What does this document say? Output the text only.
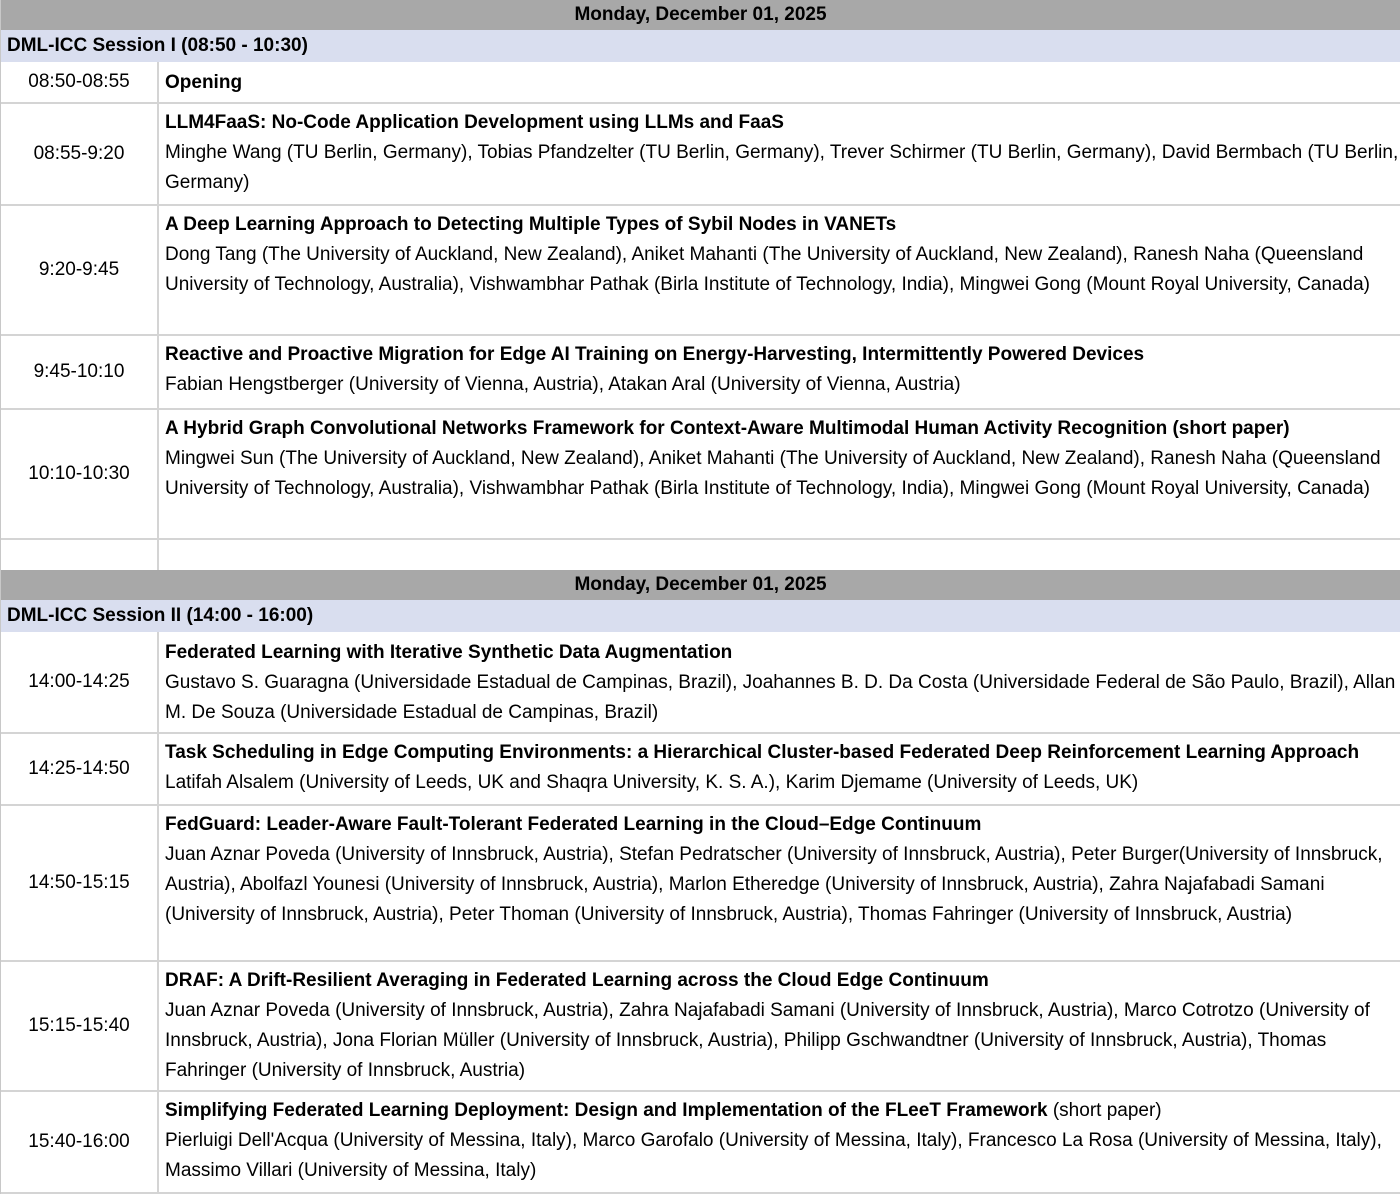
Monday, December 01, 2025
DML-ICC Session I (08:50 - 10:30)
08:50-08:55	Opening
08:55-9:20
LLM4FaaS: No-Code Application Development using LLMs and FaaS
Minghe Wang (TU Berlin, Germany), Tobias Pfandzelter (TU Berlin, Germany), Trever Schirmer (TU Berlin, Germany), David Bermbach (TU Berlin, Germany)
9:20-9:45
A Deep Learning Approach to Detecting Multiple Types of Sybil Nodes in VANETs
Dong Tang (The University of Auckland, New Zealand), Aniket Mahanti (The University of Auckland, New Zealand), Ranesh Naha (Queensland University of Technology, Australia), Vishwambhar Pathak (Birla Institute of Technology, India), Mingwei Gong (Mount Royal University, Canada)
9:45-10:10
Reactive and Proactive Migration for Edge AI Training on Energy-Harvesting, Intermittently Powered Devices
Fabian Hengstberger (University of Vienna, Austria), Atakan Aral (University of Vienna, Austria)
10:10-10:30
A Hybrid Graph Convolutional Networks Framework for Context-Aware Multimodal Human Activity Recognition (short paper)
Mingwei Sun (The University of Auckland, New Zealand), Aniket Mahanti (The University of Auckland, New Zealand), Ranesh Naha (Queensland University of Technology, Australia), Vishwambhar Pathak (Birla Institute of Technology, India), Mingwei Gong (Mount Royal University, Canada)
Monday, December 01, 2025
DML-ICC Session II (14:00 - 16:00)
14:00-14:25
Federated Learning with Iterative Synthetic Data Augmentation
Gustavo S. Guaragna (Universidade Estadual de Campinas, Brazil), Joahannes B. D. Da Costa (Universidade Federal de São Paulo, Brazil), Allan M. De Souza (Universidade Estadual de Campinas, Brazil)
14:25-14:50
Task Scheduling in Edge Computing Environments: a Hierarchical Cluster-based Federated Deep Reinforcement Learning Approach
Latifah Alsalem (University of Leeds, UK and Shaqra University, K. S. A.), Karim Djemame (University of Leeds, UK)
14:50-15:15
FedGuard: Leader-Aware Fault-Tolerant Federated Learning in the Cloud–Edge Continuum
Juan Aznar Poveda (University of Innsbruck, Austria), Stefan Pedratscher (University of Innsbruck, Austria), Peter Burger(University of Innsbruck, Austria), Abolfazl Younesi (University of Innsbruck, Austria), Marlon Etheredge (University of Innsbruck, Austria), Zahra Najafabadi Samani (University of Innsbruck, Austria), Peter Thoman (University of Innsbruck, Austria), Thomas Fahringer (University of Innsbruck, Austria)
15:15-15:40
DRAF: A Drift-Resilient Averaging in Federated Learning across the Cloud Edge Continuum
Juan Aznar Poveda (University of Innsbruck, Austria), Zahra Najafabadi Samani (University of Innsbruck, Austria), Marco Cotrotzo (University of Innsbruck, Austria), Jona Florian Müller (University of Innsbruck, Austria), Philipp Gschwandtner (University of Innsbruck, Austria), Thomas Fahringer (University of Innsbruck, Austria)
15:40-16:00
Simplifying Federated Learning Deployment: Design and Implementation of the FLeeT Framework (short paper)
Pierluigi Dell'Acqua (University of Messina, Italy), Marco Garofalo (University of Messina, Italy), Francesco La Rosa (University of Messina, Italy), Massimo Villari (University of Messina, Italy)
